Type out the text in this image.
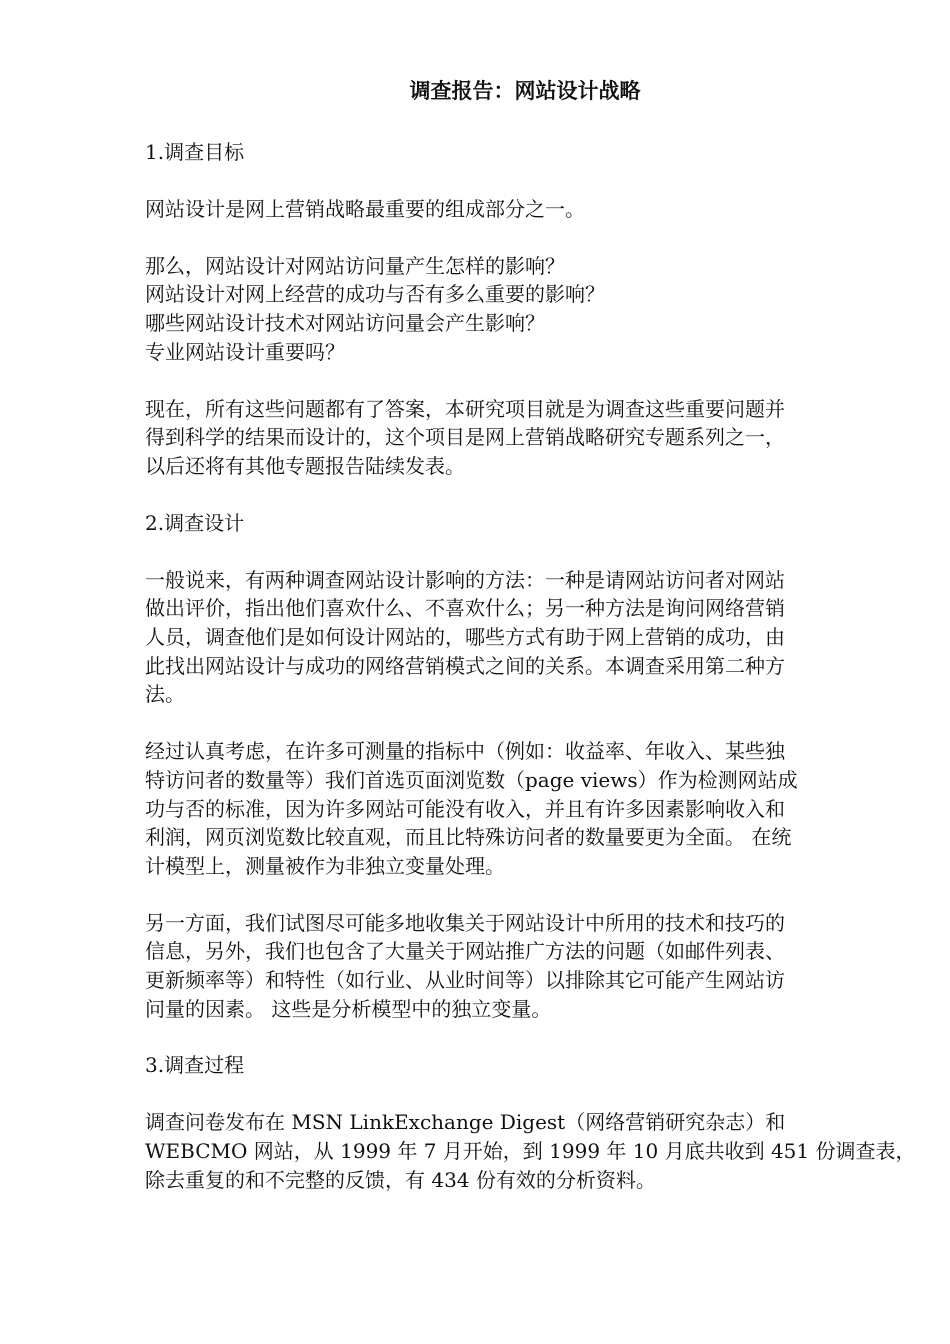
调查报告：网站设计战略
1.调查目标
网站设计是网上营销战略最重要的组成部分之一。
那么，网站设计对网站访问量产生怎样的影响？
网站设计对网上经营的成功与否有多么重要的影响？
哪些网站设计技术对网站访问量会产生影响？
专业网站设计重要吗？
现在，所有这些问题都有了答案，本研究项目就是为调查这些重要问题并
得到科学的结果而设计的，这个项目是网上营销战略研究专题系列之一，
以后还将有其他专题报告陆续发表。
2.调查设计
一般说来，有两种调查网站设计影响的方法：一种是请网站访问者对网站
做出评价，指出他们喜欢什么、不喜欢什么；另一种方法是询问网络营销
人员，调查他们是如何设计网站的，哪些方式有助于网上营销的成功，由
此找出网站设计与成功的网络营销模式之间的关系。本调查采用第二种方
法。
经过认真考虑，在许多可测量的指标中（例如：收益率、年收入、某些独
特访问者的数量等）我们首选页面浏览数（page views）作为检测网站成
功与否的标准，因为许多网站可能没有收入，并且有许多因素影响收入和
利润，网页浏览数比较直观，而且比特殊访问者的数量要更为全面。 在统
计模型上，测量被作为非独立变量处理。
另一方面，我们试图尽可能多地收集关于网站设计中所用的技术和技巧的
信息，另外，我们也包含了大量关于网站推广方法的问题（如邮件列表、
更新频率等）和特性（如行业、从业时间等）以排除其它可能产生网站访
问量的因素。 这些是分析模型中的独立变量。
3.调查过程
调查问卷发布在 MSN LinkExchange Digest（网络营销研究杂志）和
WEBCMO 网站，从 1999 年 7 月开始，到 1999 年 10 月底共收到 451 份调查表，
除去重复的和不完整的反馈，有 434 份有效的分析资料。
